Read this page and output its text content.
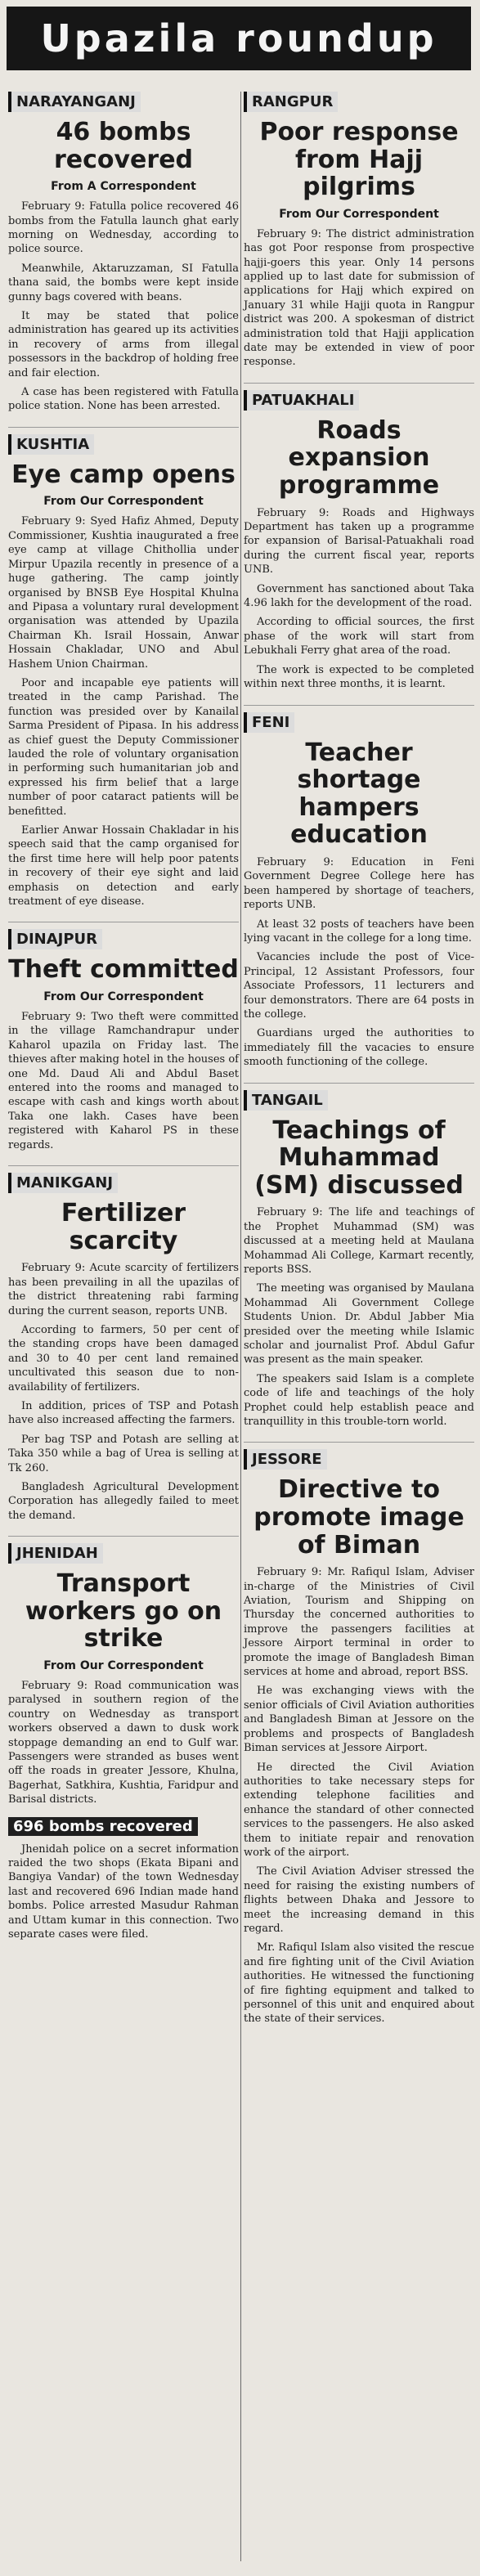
Upazila roundup
NARAYANGANJ
46 bombs recovered
From A Correspondent

February 9: Fatulla police recovered 46 bombs from the Fatulla launch ghat early morning on Wednesday, according to police source.

Meanwhile, Aktaruzzaman, SI Fatulla thana said, the bombs were kept inside gunny bags covered with beans.

It may be stated that police administration has geared up its activities in recovery of arms from illegal possessors in the backdrop of holding free and fair election.

A case has been registered with Fatulla police station. None has been arrested.

KUSHTIA
Eye camp opens
From Our Correspondent

February 9: Syed Hafiz Ahmed, Deputy Commissioner, Kushtia inaugurated a free eye camp at village Chithollia under Mirpur Upazila recently in presence of a huge gathering. The camp jointly organised by BNSB Eye Hospital Khulna and Pipasa a voluntary rural development organisation was attended by Upazila Chairman Kh. Israil Hossain, Anwar Hossain Chakladar, UNO and Abul Hashem Union Chairman.

Poor and incapable eye patients will treated in the camp Parishad. The function was presided over by Kanailal Sarma President of Pipasa. In his address as chief guest the Deputy Commissioner lauded the role of voluntary organisation in performing such humanitarian job and expressed his firm belief that a large number of poor cataract patients will be benefitted.

Earlier Anwar Hossain Chakladar in his speech said that the camp organised for the first time here will help poor patents in recovery of their eye sight and laid emphasis on detection and early treatment of eye disease.

DINAJPUR
Theft committed
From Our Correspondent

February 9: Two theft were committed in the village Ramchandrapur under Kaharol upazila on Friday last. The thieves after making hotel in the houses of one Md. Daud Ali and Abdul Baset entered into the rooms and managed to escape with cash and kings worth about Taka one lakh. Cases have been registered with Kaharol PS in these regards.

MANIKGANJ
Fertilizer scarcity

February 9: Acute scarcity of fertilizers has been prevailing in all the upazilas of the district threatening rabi farming during the current season, reports UNB.

According to farmers, 50 per cent of the standing crops have been damaged and 30 to 40 per cent land remained uncultivated this season due to non-availability of fertilizers.

In addition, prices of TSP and Potash have also increased affecting the farmers.

Per bag TSP and Potash are selling at Taka 350 while a bag of Urea is selling at Tk 260.

Bangladesh Agricultural Development Corporation has allegedly failed to meet the demand.

JHENIDAH
Transport workers go on strike
From Our Correspondent

February 9: Road communication was paralysed in southern region of the country on Wednesday as transport workers observed a dawn to dusk work stoppage demanding an end to Gulf war. Passengers were stranded as buses went off the roads in greater Jessore, Khulna, Bagerhat, Satkhira, Kushtia, Faridpur and Barisal districts.

696 bombs recovered

Jhenidah police on a secret information raided the two shops (Ekata Bipani and Bangiya Vandar) of the town Wednesday last and recovered 696 Indian made hand bombs. Police arrested Masudur Rahman and Uttam kumar in this connection. Two separate cases were filed.

RANGPUR
Poor response from Hajj pilgrims
From Our Correspondent

February 9: The district administration has got Poor response from prospective hajji-goers this year. Only 14 persons applied up to last date for submission of applications for Hajj which expired on January 31 while Hajji quota in Rangpur district was 200. A spokesman of district administration told that Hajji application date may be extended in view of poor response.

PATUAKHALI
Roads expansion programme

February 9: Roads and Highways Department has taken up a programme for expansion of Barisal-Patuakhali road during the current fiscal year, reports UNB.

Government has sanctioned about Taka 4.96 lakh for the development of the road.

According to official sources, the first phase of the work will start from Lebukhali Ferry ghat area of the road.

The work is expected to be completed within next three months, it is learnt.

FENI
Teacher shortage hampers education

February 9: Education in Feni Government Degree College here has been hampered by shortage of teachers, reports UNB.

At least 32 posts of teachers have been lying vacant in the college for a long time.

Vacancies include the post of Vice-Principal, 12 Assistant Professors, four Associate Professors, 11 lecturers and four demonstrators. There are 64 posts in the college.

Guardians urged the authorities to immediately fill the vacacies to ensure smooth functioning of the college.

TANGAIL
Teachings of Muhammad (SM) discussed

February 9: The life and teachings of the Prophet Muhammad (SM) was discussed at a meeting held at Maulana Mohammad Ali College, Karmart recently, reports BSS.

The meeting was organised by Maulana Mohammad Ali Government College Students Union. Dr. Abdul Jabber Mia presided over the meeting while Islamic scholar and journalist Prof. Abdul Gafur was present as the main speaker.

The speakers said Islam is a complete code of life and teachings of the holy Prophet could help establish peace and tranquillity in this trouble-torn world.

JESSORE
Directive to promote image of Biman

February 9: Mr. Rafiqul Islam, Adviser in-charge of the Ministries of Civil Aviation, Tourism and Shipping on Thursday the concerned authorities to improve the passengers facilities at Jessore Airport terminal in order to promote the image of Bangladesh Biman services at home and abroad, report BSS.

He was exchanging views with the senior officials of Civil Aviation authorities and Bangladesh Biman at Jessore on the problems and prospects of Bangladesh Biman services at Jessore Airport.

He directed the Civil Aviation authorities to take necessary steps for extending telephone facilities and enhance the standard of other connected services to the passengers. He also asked them to initiate repair and renovation work of the airport.

The Civil Aviation Adviser stressed the need for raising the existing numbers of flights between Dhaka and Jessore to meet the increasing demand in this regard.

Mr. Rafiqul Islam also visited the rescue and fire fighting unit of the Civil Aviation authorities. He witnessed the functioning of fire fighting equipment and talked to personnel of this unit and enquired about the state of their services.
